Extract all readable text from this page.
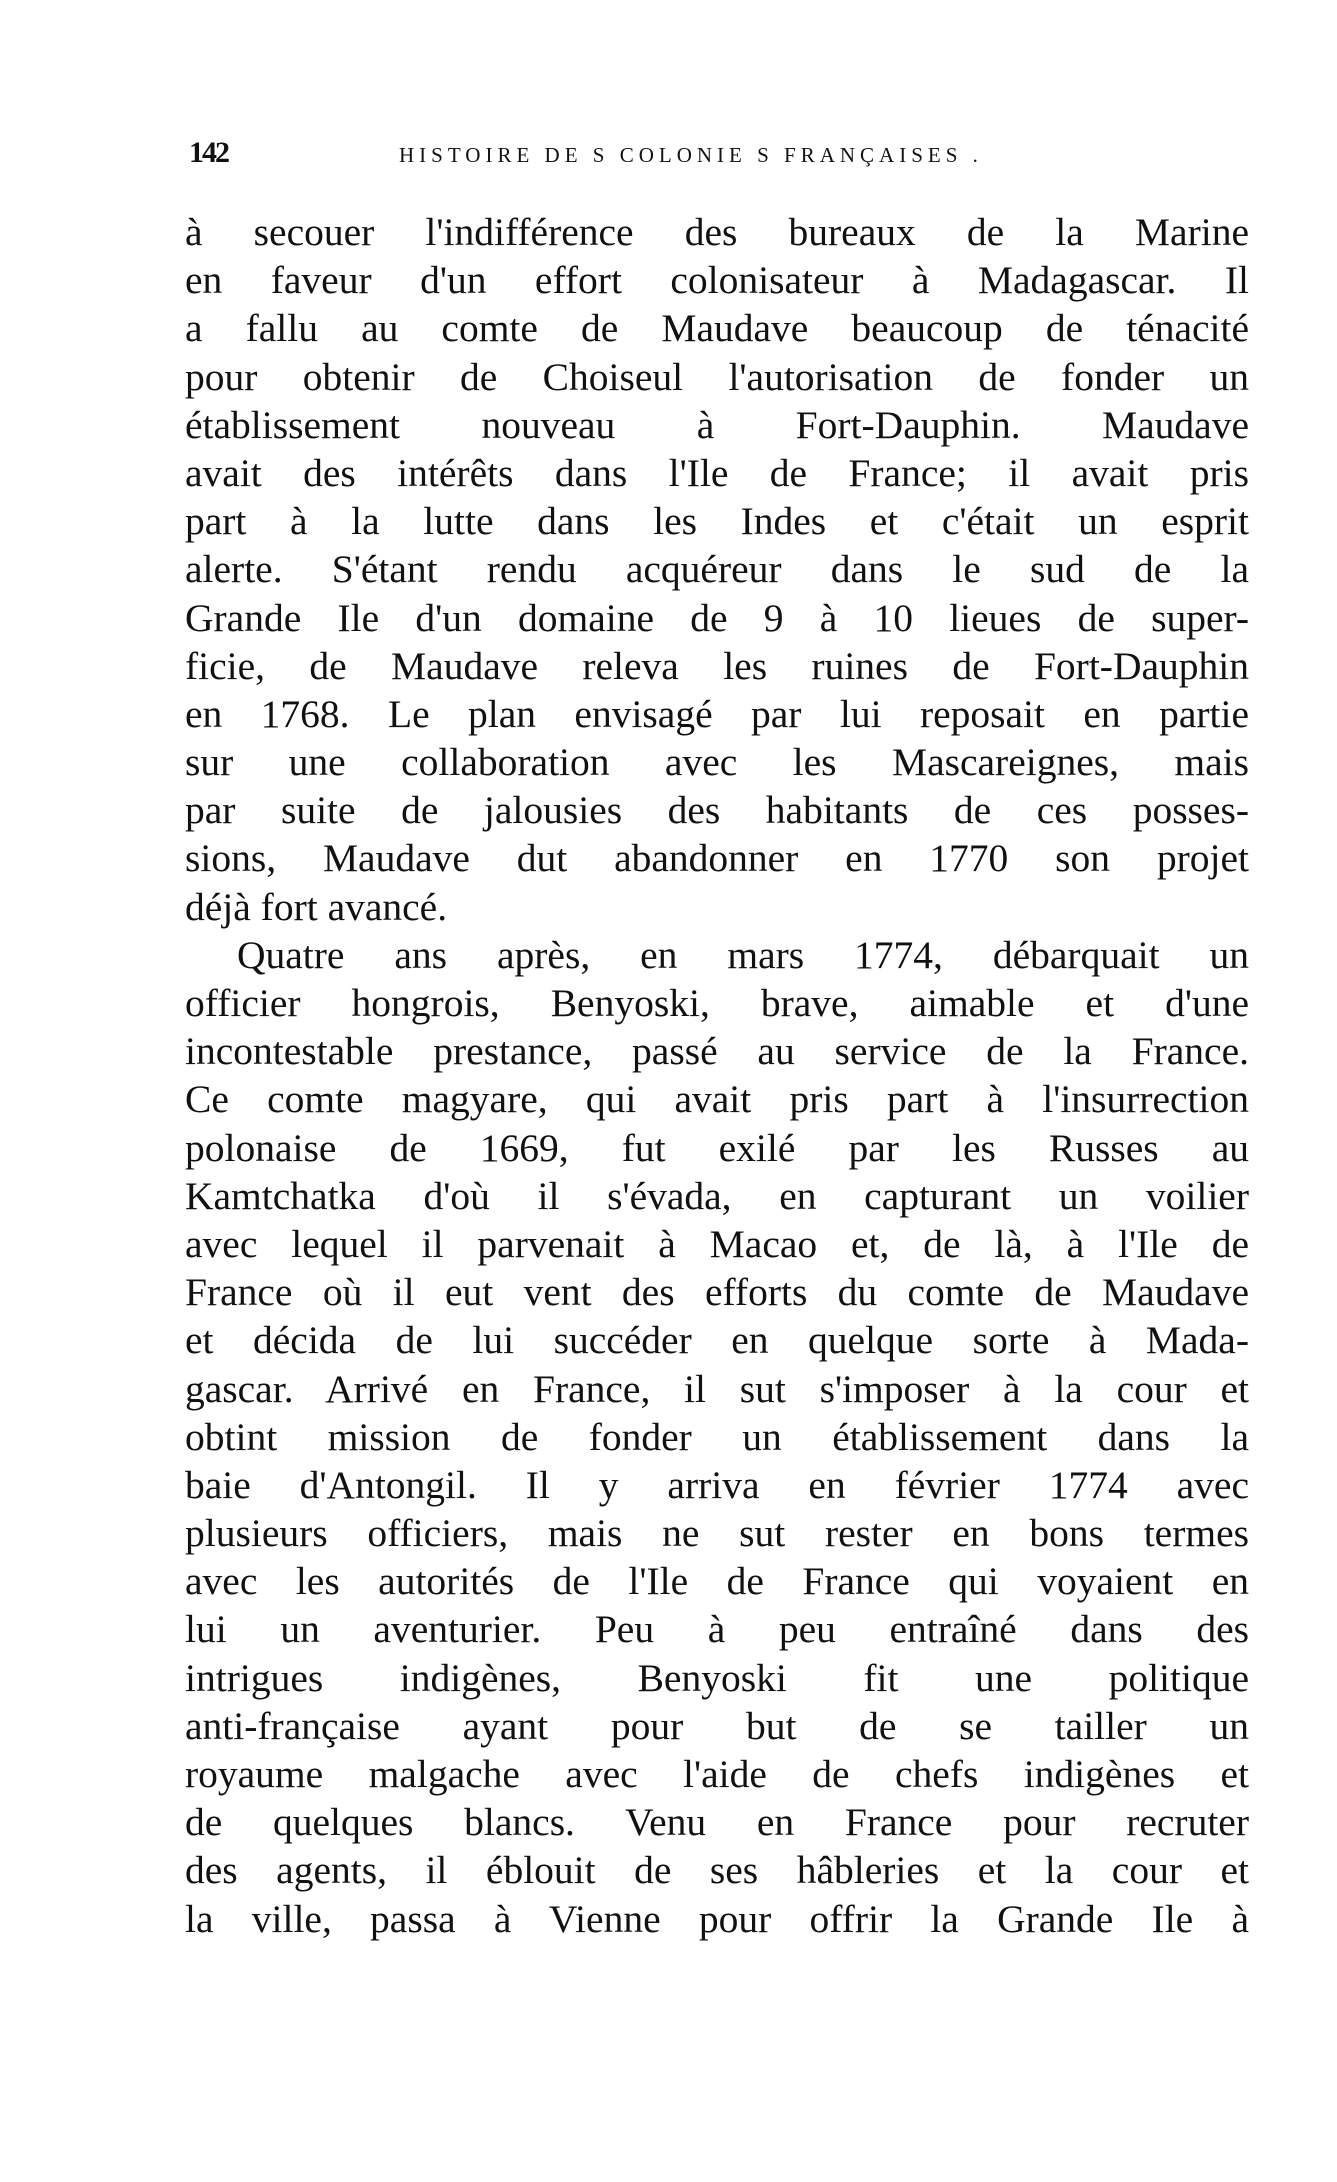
142	HISTOIRE DE S COLONIE S FRANÇAISES .
à secouer l'indifférence des bureaux de la Marine
en faveur d'un effort colonisateur à Madagascar. Il
a fallu au comte de Maudave beaucoup de ténacité
pour obtenir de Choiseul l'autorisation de fonder un
établissement nouveau à Fort-Dauphin. Maudave
avait des intérêts dans l'Ile de France; il avait pris
part à la lutte dans les Indes et c'était un esprit
alerte. S'étant rendu acquéreur dans le sud de la
Grande Ile d'un domaine de 9 à 10 lieues de super-
ficie, de Maudave releva les ruines de Fort-Dauphin
en 1768. Le plan envisagé par lui reposait en partie
sur une collaboration avec les Mascareignes, mais
par suite de jalousies des habitants de ces posses-
sions, Maudave dut abandonner en 1770 son projet
déjà fort avancé.
Quatre ans après, en mars 1774, débarquait un
officier hongrois, Benyoski, brave, aimable et d'une
incontestable prestance, passé au service de la France.
Ce comte magyare, qui avait pris part à l'insurrection
polonaise de 1669, fut exilé par les Russes au
Kamtchatka d'où il s'évada, en capturant un voilier
avec lequel il parvenait à Macao et, de là, à l'Ile de
France où il eut vent des efforts du comte de Maudave
et décida de lui succéder en quelque sorte à Mada-
gascar. Arrivé en France, il sut s'imposer à la cour et
obtint mission de fonder un établissement dans la
baie d'Antongil. Il y arriva en février 1774 avec
plusieurs officiers, mais ne sut rester en bons termes
avec les autorités de l'Ile de France qui voyaient en
lui un aventurier. Peu à peu entraîné dans des
intrigues indigènes, Benyoski fit une politique
anti-française ayant pour but de se tailler un
royaume malgache avec l'aide de chefs indigènes et
de quelques blancs. Venu en France pour recruter
des agents, il éblouit de ses hâbleries et la cour et
la ville, passa à Vienne pour offrir la Grande Ile à
